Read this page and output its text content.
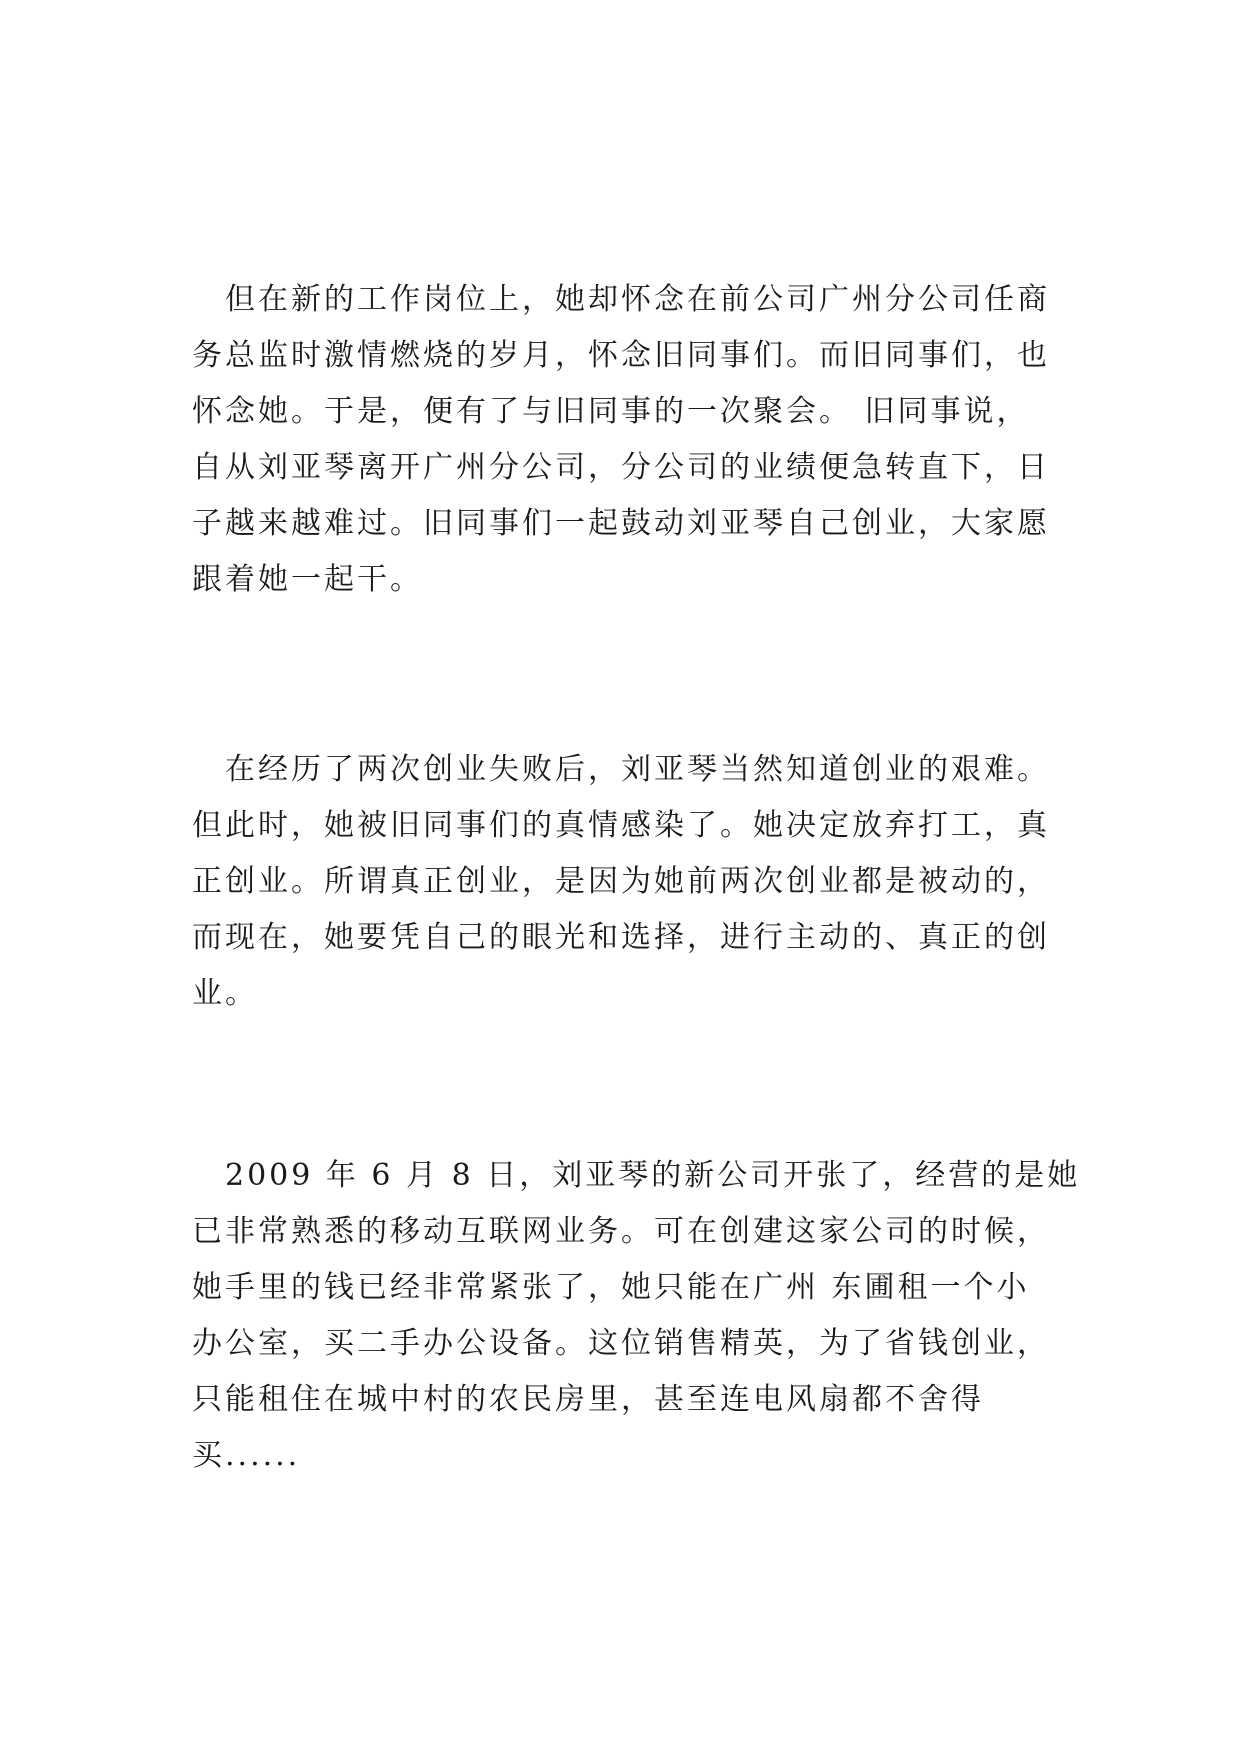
　但在新的工作岗位上，她却怀念在前公司广州分公司任商
务总监时激情燃烧的岁月，怀念旧同事们。而旧同事们，也
怀念她。于是，便有了与旧同事的一次聚会。 旧同事说，
自从刘亚琴离开广州分公司，分公司的业绩便急转直下，日
子越来越难过。旧同事们一起鼓动刘亚琴自己创业，大家愿
跟着她一起干。
　在经历了两次创业失败后，刘亚琴当然知道创业的艰难。
但此时，她被旧同事们的真情感染了。她决定放弃打工，真
正创业。所谓真正创业，是因为她前两次创业都是被动的，
而现在，她要凭自己的眼光和选择，进行主动的、真正的创
业。
　2009 年 6 月 8 日，刘亚琴的新公司开张了，经营的是她
已非常熟悉的移动互联网业务。可在创建这家公司的时候，
她手里的钱已经非常紧张了，她只能在广州 东圃租一个小
办公室，买二手办公设备。这位销售精英，为了省钱创业，
只能租住在城中村的农民房里，甚至连电风扇都不舍得
买......
